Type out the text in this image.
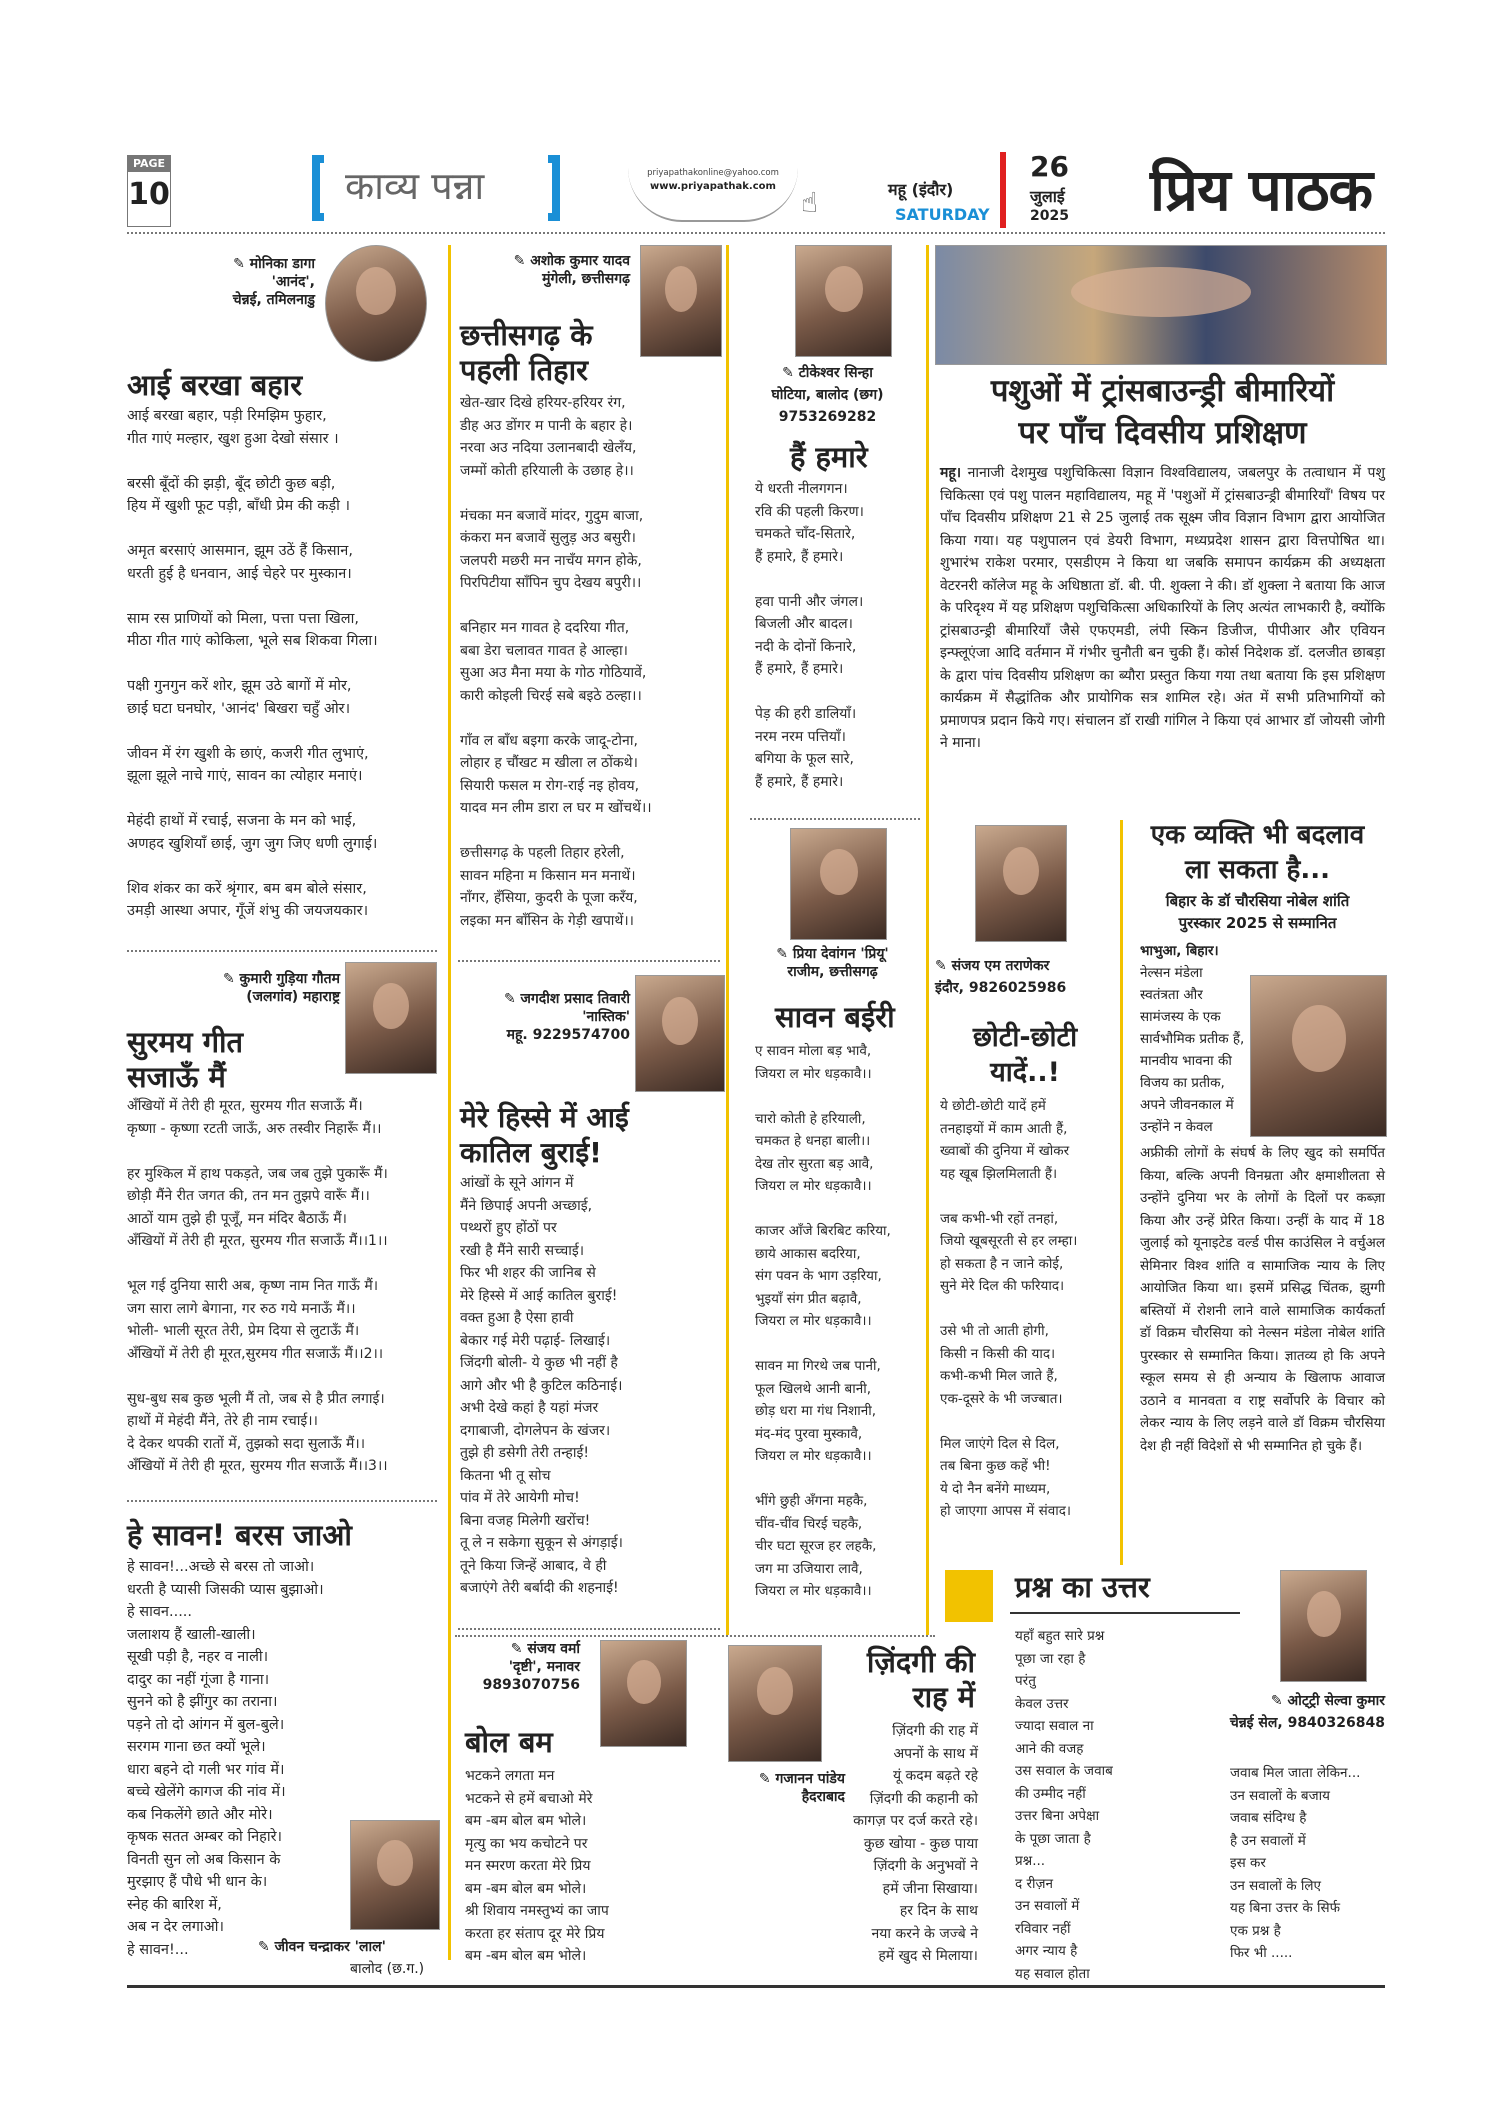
PAGE
10	काव्य पन्ना	priyapathakonline@yahoo.com
www.priyapathak.com ☝	महू (इंदौर)
SATURDAY
26
जुलाई
2025 प्रिय पाठक
✎ मोनिका डागा
'आनंद',
चेन्नई, तमिलनाडु
आई बरखा बहार
आई बरखा बहार, पड़ी रिमझिम फुहार,
गीत गाएं मल्हार, खुश हुआ देखो संसार ।

बरसी बूँदों की झड़ी, बूँद छोटी कुछ बड़ी,
हिय में खुशी फूट पड़ी, बाँधी प्रेम की कड़ी ।

अमृत बरसाएं आसमान, झूम उठें हैं किसान,
धरती हुई है धनवान, आई चेहरे पर मुस्कान।

साम रस प्राणियों को मिला, पत्ता पत्ता खिला,
मीठा गीत गाएं कोकिला, भूले सब शिकवा गिला।

पक्षी गुनगुन करें शोर, झूम उठे बागों में मोर,
छाई घटा घनघोर, 'आनंद' बिखरा चहुँ ओर।

जीवन में रंग खुशी के छाएं, कजरी गीत लुभाएं,
झूला झूले नाचे गाएं, सावन का त्योहार मनाएं।

मेहंदी हाथों में रचाई, सजना के मन को भाई,
अणहद खुशियाँ छाई, जुग जुग जिए धणी लुगाई।

शिव शंकर का करें श्रृंगार, बम बम बोले संसार,
उमड़ी आस्था अपार, गूँजें शंभु की जयजयकार।
✎ कुमारी गुड़िया गौतम
(जलगांव) महाराष्ट्र
सुरमय गीत
सजाऊँ मैं
अँखियों में तेरी ही मूरत, सुरमय गीत सजाऊँ मैं।
कृष्णा - कृष्णा रटती जाऊँ, अरु तस्वीर निहारूँ मैं।।

हर मुश्किल में हाथ पकड़ते, जब जब तुझे पुकारूँ मैं।
छोड़ी मैंने रीत जगत की, तन मन तुझपे वारूँ मैं।।
आठों याम तुझे ही पूजूँ, मन मंदिर बैठाऊँ मैं।
अँखियों में तेरी ही मूरत, सुरमय गीत सजाऊँ मैं।।1।।

भूल गई दुनिया सारी अब, कृष्ण नाम नित गाऊँ मैं।
जग सारा लागे बेगाना, गर रुठ गये मनाऊँ मैं।।
भोली- भाली सूरत तेरी, प्रेम दिया से लुटाऊँ मैं।
अँखियों में तेरी ही मूरत,सुरमय गीत सजाऊँ मैं।।2।।

सुध-बुध सब कुछ भूली मैं तो, जब से है प्रीत लगाई।
हाथों में मेहंदी मैंने, तेरे ही नाम रचाई।।
दे देकर थपकी रातों में, तुझको सदा सुलाऊँ मैं।।
अँखियों में तेरी ही मूरत, सुरमय गीत सजाऊँ मैं।।3।।
हे सावन! बरस जाओ
हे सावन!...अच्छे से बरस तो जाओ।
धरती है प्यासी जिसकी प्यास बुझाओ।
हे सावन.....
जलाशय हैं खाली-खाली।
सूखी पड़ी है, नहर व नाली।
दादुर का नहीं गूंजा है गाना।
सुनने को है झींगुर का तराना।
पड़ने तो दो आंगन में बुल-बुले।
सरगम गाना छत क्यों भूले।
धारा बहने दो गली भर गांव में।
बच्चे खेलेंगे कागज की नांव में।
कब निकलेंगे छाते और मोरे।
कृषक सतत अम्बर को निहारे।
विनती सुन लो अब किसान के
मुरझाए हैं पौधे भी धान के।
स्नेह की बारिश में,
अब न देर लगाओ।
हे सावन!...	✎ जीवन चन्द्राकर 'लाल'
बालोद (छ.ग.)
✎ अशोक कुमार यादव
मुंगेली, छत्तीसगढ़
छत्तीसगढ़ के
पहली तिहार
खेत-खार दिखे हरियर-हरियर रंग,
डीह अउ डोंगर म पानी के बहार हे।
नरवा अउ नदिया उलानबादी खेलँय,
जम्मों कोती हरियाली के उछाह हे।।

मंचका मन बजावें मांदर, गुदुम बाजा,
कंकरा मन बजावें सुलुड़ अउ बसुरी।
जलपरी मछरी मन नाचँय मगन होके,
पिरपिटीया साँपिन चुप देखय बपुरी।।

बनिहार मन गावत हे ददरिया गीत,
बबा डेरा चलावत गावत हे आल्हा।
सुआ अउ मैना मया के गोठ गोठियावें,
कारी कोइली चिरई सबे बइठे ठल्हा।।

गाँव ल बाँध बइगा करके जादू-टोना,
लोहार ह चौंखट म खीला ल ठोंकथे।
सियारी फसल म रोग-राई नइ होवय,
यादव मन लीम डारा ल घर म खोंचथें।।

छत्तीसगढ़ के पहली तिहार हरेली,
सावन महिना म किसान मन मनाथें।
नाँगर, हँसिया, कुदरी के पूजा करँय,
लइका मन बाँसिन के गेड़ी खपाथें।।
✎ जगदीश प्रसाद तिवारी
'नास्तिक'
महू. 9229574700
मेरे हिस्से में आई
कातिल बुराई!
आंखों के सूने आंगन में
मैंने छिपाई अपनी अच्छाई,
पथ्थरों हुए होंठों पर
रखी है मैंने सारी सच्चाई।
फिर भी शहर की जानिब से
मेरे हिस्से में आई कातिल बुराई!
वक्त हुआ है ऐसा हावी
बेकार गई मेरी पढ़ाई- लिखाई।
जिंदगी बोली- ये कुछ भी नहीं है
आगे और भी है कुटिल कठिनाई।
अभी देखे कहां है यहां मंजर
दगाबाजी, दोगलेपन के खंजर।
तुझे ही डसेगी तेरी तन्हाई!
कितना भी तू सोच
पांव में तेरे आयेगी मोच!
बिना वजह मिलेगी खरोंच!
तू ले न सकेगा सुकून से अंगड़ाई।
तूने किया जिन्हें आबाद, वे ही
बजाएंगे तेरी बर्बादी की शहनाई!
✎ संजय वर्मा
'दृष्टी', मनावर
9893070756
बोल बम
भटकने लगता मन
भटकने से हमें बचाओ मेरे
बम -बम बोल बम भोले।
मृत्यु का भय कचोटने पर
मन स्मरण करता मेरे प्रिय
बम -बम बोल बम भोले।
श्री शिवाय नमस्तुभ्यं का जाप
करता हर संताप दूर मेरे प्रिय
बम -बम बोल बम भोले।
✎ टीकेश्वर सिन्हा
घोटिया, बालोद (छग)
9753269282
हैं हमारे
ये धरती नीलगगन।
रवि की पहली किरण।
चमकते चाँद-सितारे,
हैं हमारे, हैं हमारे।

हवा पानी और जंगल।
बिजली और बादल।
नदी के दोनों किनारे,
हैं हमारे, हैं हमारे।

पेड़ की हरी डालियाँ।
नरम नरम पत्तियाँ।
बगिया के फूल सारे,
हैं हमारे, हैं हमारे।
✎ प्रिया देवांगन 'प्रियू'
राजीम, छत्तीसगढ़
सावन बईरी
ए सावन मोला बड़ भावै,
जियरा ल मोर धड़कावै।।

चारो कोती हे हरियाली,
चमकत हे धनहा बाली।।
देख तोर सुरता बड़ आवै,
जियरा ल मोर धड़कावै।।

काजर आँजे बिरबिट करिया,
छाये आकास बदरिया,
संग पवन के भाग उड़रिया,
भुइयाँ संग प्रीत बढ़ावै,
जियरा ल मोर धड़कावै।।

सावन मा गिरथे जब पानी,
फूल खिलथे आनी बानी,
छोड़ धरा मा गंध निशानी,
मंद-मंद पुरवा मुस्कावै,
जियरा ल मोर धड़कावै।।

भींगे छुही अँगना महकै,
चींव-चींव चिरई चहकै,
चीर घटा सूरज हर लहकै,
जग मा उजियारा लावै,
जियरा ल मोर धड़कावै।।
✎ गजानन पांडेय
हैदराबाद
ज़िंदगी की
राह में
ज़िंदगी की राह में
अपनों के साथ में
यूं कदम बढ़ते रहे
ज़िंदगी की कहानी को
कागज़ पर दर्ज करते रहे।
कुछ खोया - कुछ पाया
ज़िंदगी के अनुभवों ने
हमें जीना सिखाया।
हर दिन के साथ
नया करने के जज्बे ने
हमें खुद से मिलाया।
पशुओं में ट्रांसबाउन्ड्री बीमारियों
पर पाँच दिवसीय प्रशिक्षण
महू। नानाजी देशमुख पशुचिकित्सा विज्ञान विश्वविद्यालय, जबलपुर के तत्वाधान में पशु चिकित्सा एवं पशु पालन महाविद्यालय, महू में 'पशुओं में ट्रांसबाउन्ड्री बीमारियाँ' विषय पर पाँच दिवसीय प्रशिक्षण 21 से 25 जुलाई तक सूक्ष्म जीव विज्ञान विभाग द्वारा आयोजित किया गया। यह पशुपालन एवं डेयरी विभाग, मध्यप्रदेश शासन द्वारा वित्तपोषित था। शुभारंभ राकेश परमार, एसडीएम ने किया था जबकि समापन कार्यक्रम की अध्यक्षता वेटरनरी कॉलेज महू के अधिष्ठाता डॉ. बी. पी. शुक्ला ने की। डॉ शुक्ला ने बताया कि आज के परिदृश्य में यह प्रशिक्षण पशुचिकित्सा अधिकारियों के लिए अत्यंत लाभकारी है, क्योंकि ट्रांसबाउन्ड्री बीमारियाँ जैसे एफएमडी, लंपी स्किन डिजीज, पीपीआर और एवियन इन्फ्लूएंजा आदि वर्तमान में गंभीर चुनौती बन चुकी हैं। कोर्स निदेशक डॉ. दलजीत छाबड़ा के द्वारा पांच दिवसीय प्रशिक्षण का ब्यौरा प्रस्तुत किया गया तथा बताया कि इस प्रशिक्षण कार्यक्रम में सैद्धांतिक और प्रायोगिक सत्र शामिल रहे। अंत में सभी प्रतिभागियों को प्रमाणपत्र प्रदान किये गए। संचालन डॉ राखी गांगिल ने किया एवं आभार डॉ जोयसी जोगी ने माना।
✎ संजय एम तराणेकर
इंदौर, 9826025986
छोटी-छोटी
यादें..!
ये छोटी-छोटी यादें हमें
तनहाइयों में काम आती हैं,
ख्वाबों की दुनिया में खोकर
यह खूब झिलमिलाती हैं।

जब कभी-भी रहों तनहां,
जियो खूबसूरती से हर लम्हा।
हो सकता है न जाने कोई,
सुने मेरे दिल की फरियाद।

उसे भी तो आती होगी,
किसी न किसी की याद।
कभी-कभी मिल जाते हैं,
एक-दूसरे के भी जज्बात।

मिल जाएंगे दिल से दिल,
तब बिना कुछ कहें भी!
ये दो नैन बनेंगे माध्यम,
हो जाएगा आपस में संवाद।
एक व्यक्ति भी बदलाव
ला सकता है...
बिहार के डॉ चौरसिया नोबेल शांति
पुरस्कार 2025 से सम्मानित
भाभुआ, बिहार। नेल्सन मंडेला स्वतंत्रता और सामंजस्य के एक सार्वभौमिक प्रतीक हैं, मानवीय भावना की विजय का प्रतीक, अपने जीवनकाल में उन्होंने न केवल
अफ्रीकी लोगों के संघर्ष के लिए खुद को समर्पित किया, बल्कि अपनी विनम्रता और क्षमाशीलता से उन्होंने दुनिया भर के लोगों के दिलों पर कब्ज़ा किया और उन्हें प्रेरित किया। उन्हीं के याद में 18 जुलाई को यूनाइटेड वर्ल्ड पीस काउंसिल ने वर्चुअल सेमिनार विश्व शांति व सामाजिक न्याय के लिए आयोजित किया था। इसमें प्रसिद्ध चिंतक, झुग्गी बस्तियों में रोशनी लाने वाले सामाजिक कार्यकर्ता डॉ विक्रम चौरसिया को नेल्सन मंडेला नोबेल शांति पुरस्कार से सम्मानित किया। ज्ञातव्य हो कि अपने स्कूल समय से ही अन्याय के खिलाफ आवाज उठाने व मानवता व राष्ट्र सर्वोपरि के विचार को लेकर न्याय के लिए लड़ने वाले डॉ विक्रम चौरसिया देश ही नहीं विदेशों से भी सम्मानित हो चुके हैं।
प्रश्न का उत्तर
यहाँ बहुत सारे प्रश्न
पूछा जा रहा है
परंतु
केवल उत्तर
ज्यादा सवाल ना
आने की वजह
उस सवाल के जवाब
की उम्मीद नहीं
उत्तर बिना अपेक्षा
के पूछा जाता है
प्रश्न...
द रीज़न
उन सवालों में
रविवार नहीं
अगर न्याय है
यह सवाल होता
✎ ओट्ट्री सेल्वा कुमार
चेन्नई सेल, 9840326848
जवाब मिल जाता लेकिन...
उन सवालों के बजाय
जवाब संदिग्ध है
है उन सवालों में
इस कर
उन सवालों के लिए
यह बिना उत्तर के सिर्फ
एक प्रश्न है
फिर भी .....
